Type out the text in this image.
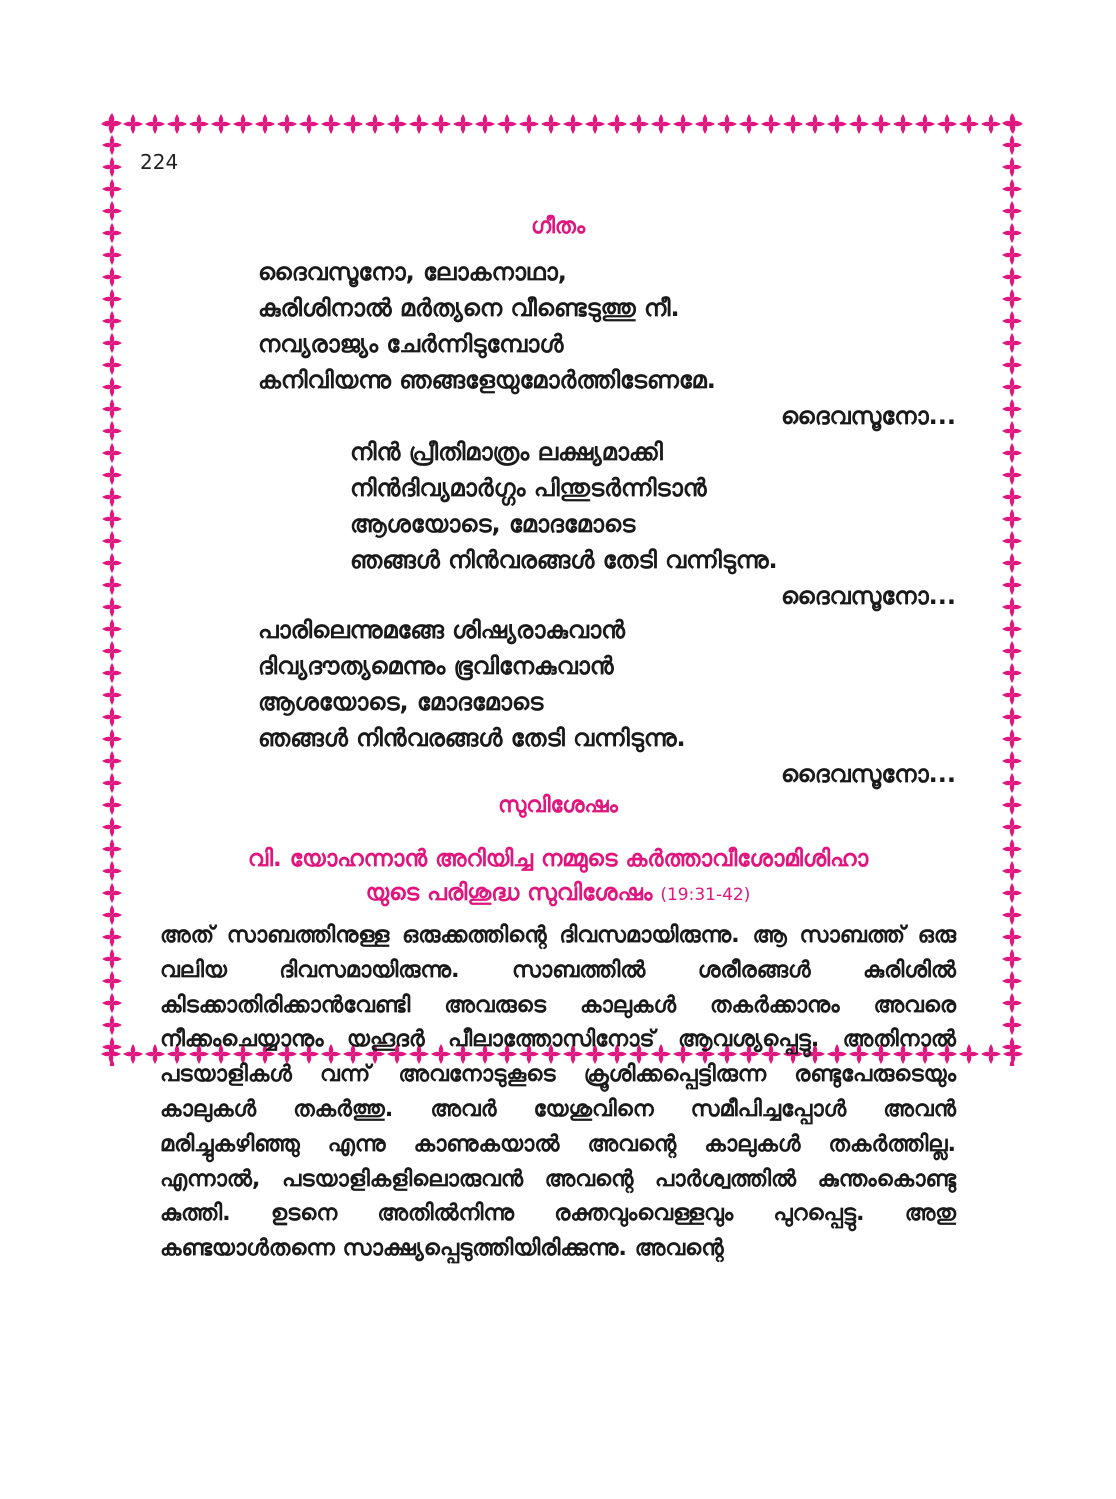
224
ഗീതം
ദൈവസൂനോ, ലോകനാഥാ,
കുരിശിനാൽ മർത്യനെ വീണ്ടെടുത്തു നീ.
നവ്യരാജ്യം ചേർന്നിടുമ്പോൾ
കനിവിയന്നു ഞങ്ങളേയുമോർത്തിടേണമേ.
ദൈവസൂനോ...
നിൻ പ്രീതിമാത്രം ലക്ഷ്യമാക്കി
നിൻദിവ്യമാർഗ്ഗം പിന്തുടർന്നിടാൻ
ആശയോടെ, മോദമോടെ
ഞങ്ങൾ നിൻവരങ്ങൾ തേടി വന്നിടുന്നു.
ദൈവസൂനോ...
പാരിലെന്നുമങ്ങേ ശിഷ്യരാകുവാൻ
ദിവ്യദൗത്യമെന്നും ഭൂവിനേകുവാൻ
ആശയോടെ, മോദമോടെ
ഞങ്ങൾ നിൻവരങ്ങൾ തേടി വന്നിടുന്നു.
ദൈവസൂനോ...
സുവിശേഷം
വി. യോഹന്നാൻ അറിയിച്ച നമ്മുടെ കർത്താവീശോമിശിഹാ
യുടെ പരിശുദ്ധ സുവിശേഷം (19:31-42)
അത് സാബത്തിനുള്ള ഒരുക്കത്തിന്റെ ദിവസമായിരുന്നു. ആ സാബത്ത് ഒരു വലിയ ദിവസമായിരുന്നു. സാബത്തിൽ ശരീരങ്ങൾ കുരിശിൽ കിടക്കാതിരിക്കാൻവേണ്ടി അവരുടെ കാലുകൾ തകർക്കാനും അവരെ നീക്കംചെയ്യാനും യഹൂദർ പീലാത്തോസിനോട് ആവശ്യപ്പെട്ടു. അതിനാൽ പടയാളികൾ വന്ന് അവനോടുകൂടെ ക്രൂശിക്കപ്പെട്ടിരുന്ന രണ്ടുപേരുടെയും കാലുകൾ തകർത്തു. അവർ യേശുവിനെ സമീപിച്ചപ്പോൾ അവൻ മരിച്ചുകഴിഞ്ഞു എന്നു കാണുകയാൽ അവന്റെ കാലുകൾ തകർത്തില്ല. എന്നാൽ, പടയാളികളിലൊരുവൻ അവന്റെ പാർശ്വത്തിൽ കുന്തംകൊണ്ടു കുത്തി. ഉടനെ അതിൽനിന്നു രക്തവുംവെള്ളവും പുറപ്പെട്ടു. അതു കണ്ടയാൾതന്നെ സാക്ഷ്യപ്പെടുത്തിയിരിക്കുന്നു. അവന്റെ
